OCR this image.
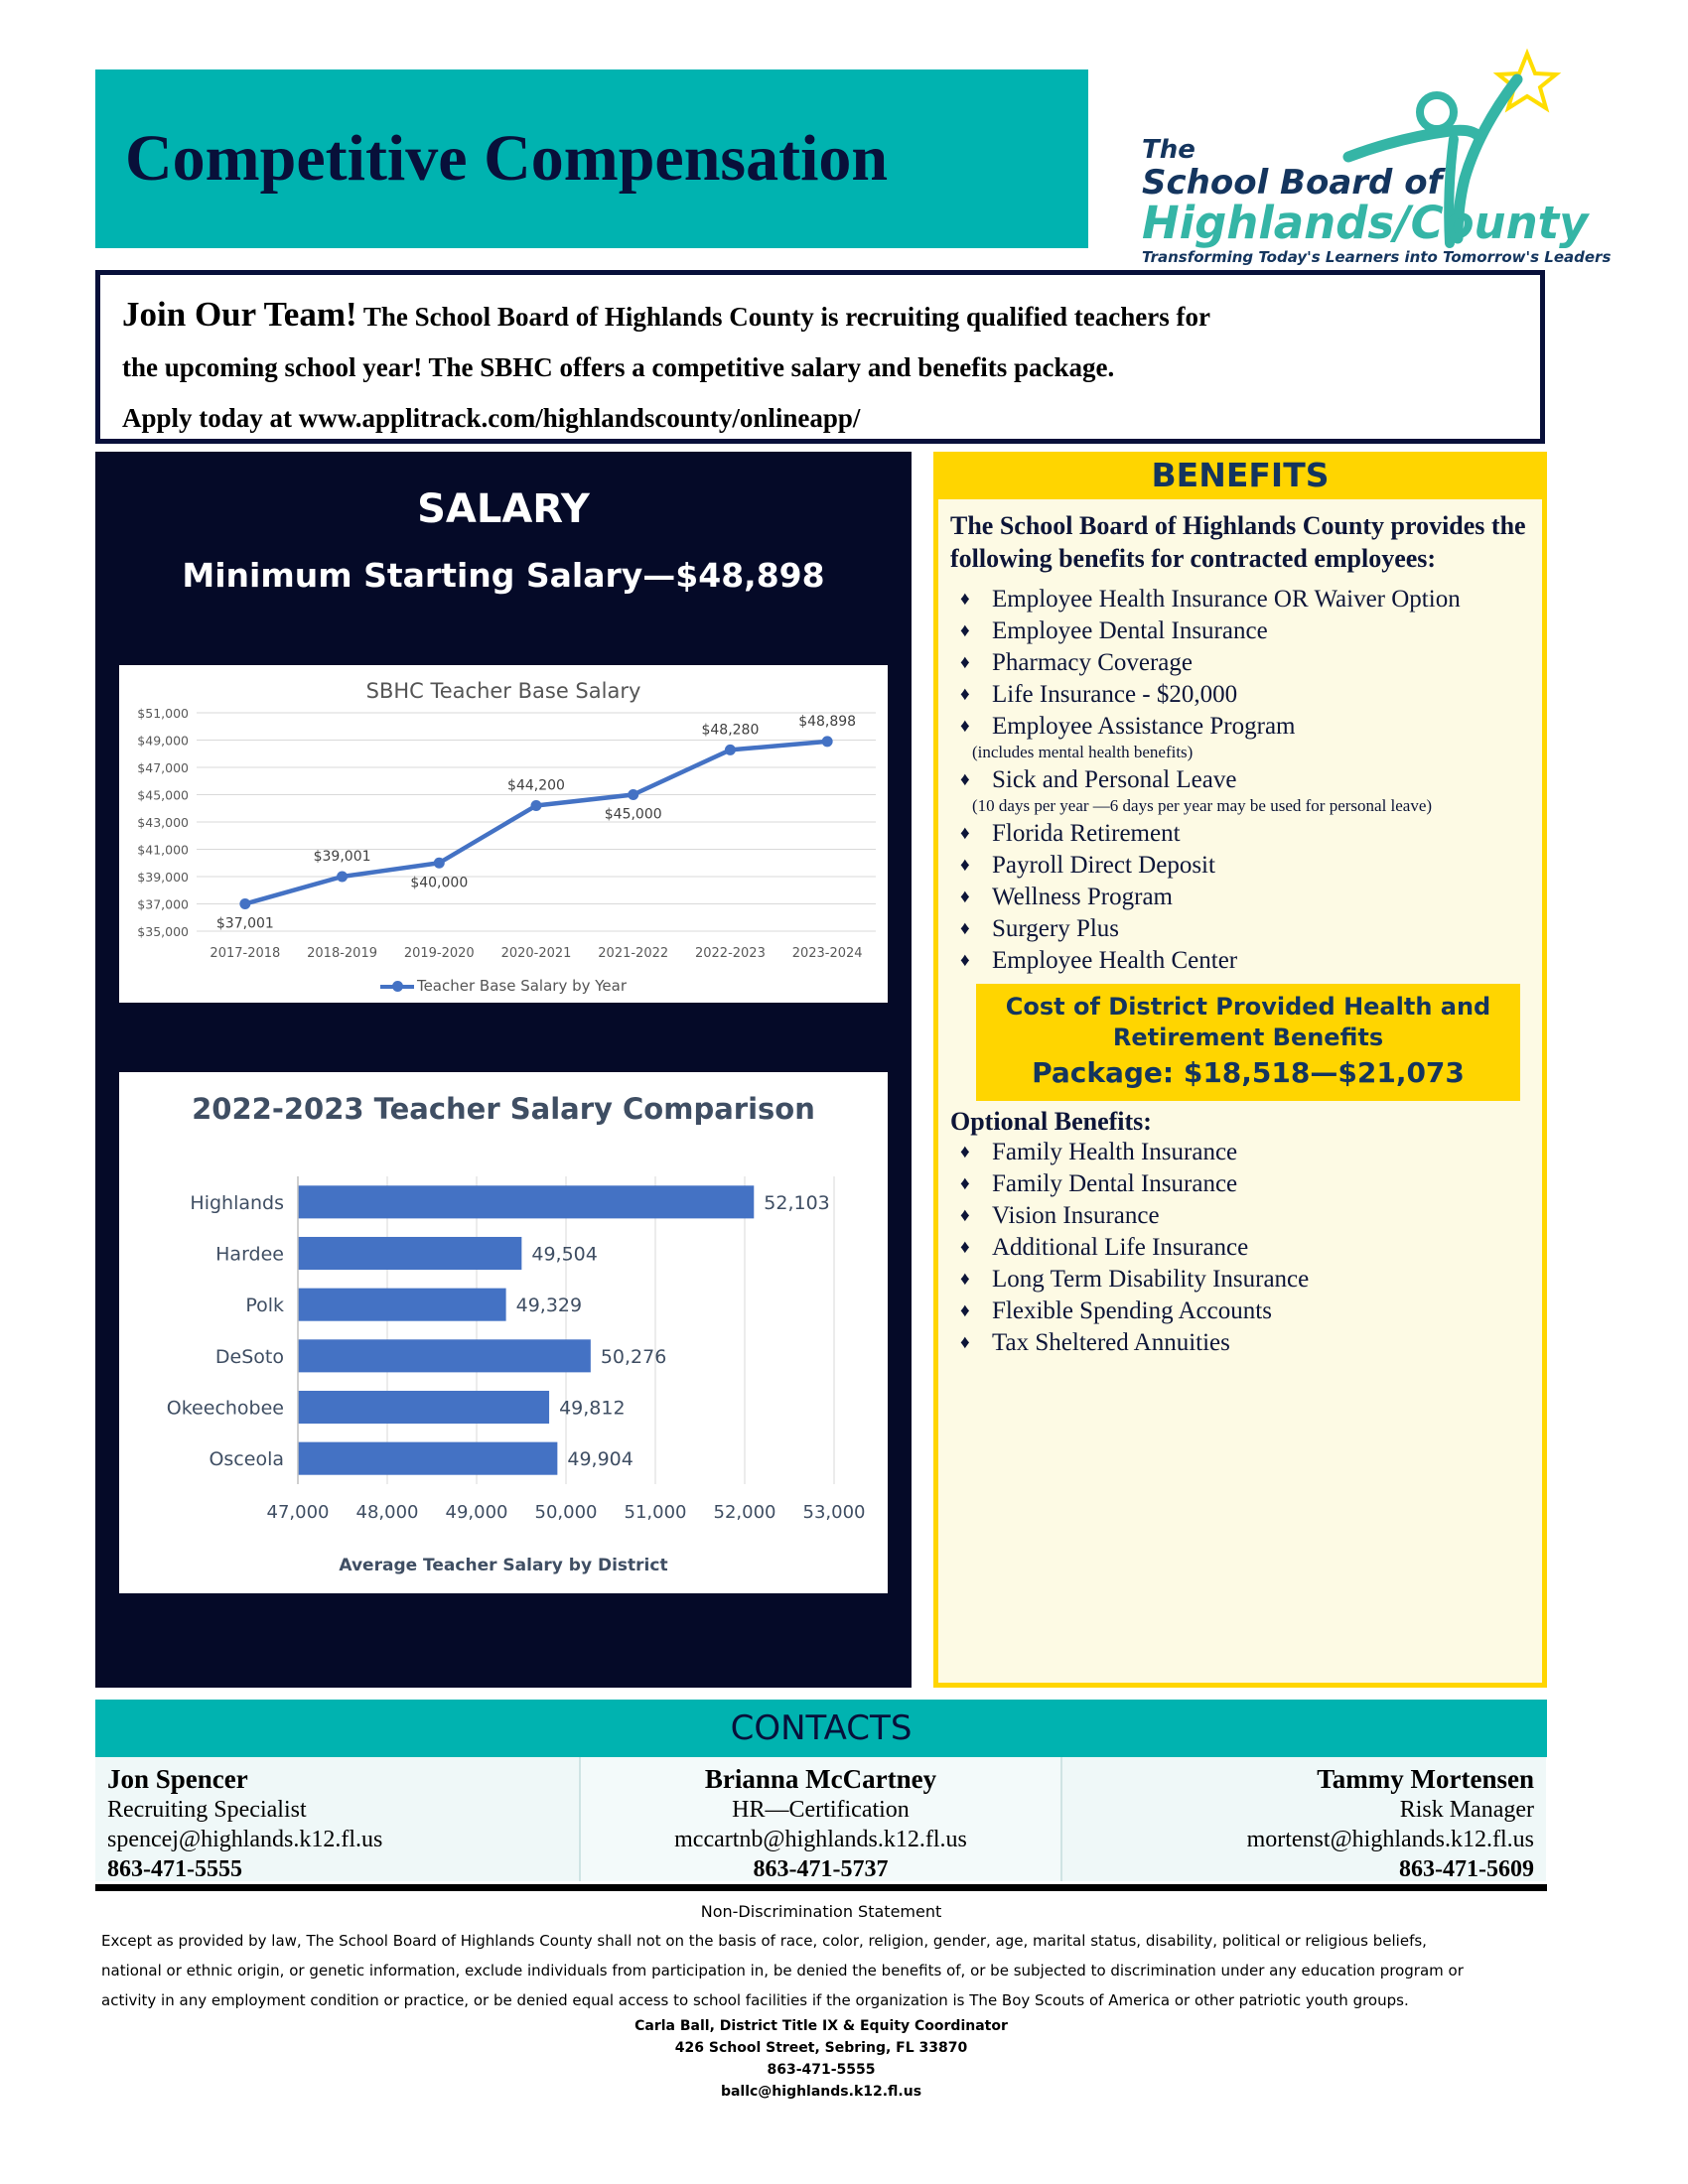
Competitive Compensation	The
School Board of
Highlands/County
Transforming Today's Learners into Tomorrow's Leaders
Join Our Team! The School Board of Highlands County is recruiting qualified teachers for
the upcoming school year! The SBHC offers a competitive salary and benefits package.
Apply today at www.applitrack.com/highlandscounty/onlineapp/
SALARY
Minimum Starting Salary—$48,898
SBHC Teacher Base Salary
$35,000
$37,000
$39,000
$41,000
$43,000
$45,000
$47,000
$49,000
$51,000
$37,001
$39,001
$40,000
$44,200
$45,000
$48,280
$48,898
2017-2018 2018-2019 2019-2020 2020-2021 2021-2022 2022-2023 2023-2024
Teacher Base Salary by Year
2022-2023 Teacher Salary Comparison
47,000 48,000 49,000 50,000 51,000 52,000 53,000
52,103
Highlands
49,504
Hardee
49,329
Polk
50,276
DeSoto
49,812
Okeechobee
49,904
Osceola
Average Teacher Salary by District
BENEFITS
The School Board of Highlands County provides the following benefits for contracted employees:
♦ Employee Health Insurance OR Waiver Option
♦ Employee Dental Insurance
♦ Pharmacy Coverage
♦ Life Insurance - $20,000
♦ Employee Assistance Program
(includes mental health benefits)
♦ Sick and Personal Leave
(10 days per year —6 days per year may be used for personal leave)
♦ Florida Retirement
♦ Payroll Direct Deposit
♦ Wellness Program
♦ Surgery Plus
♦ Employee Health Center
Cost of District Provided Health and Retirement Benefits
Package: $18,518—$21,073
Optional Benefits:
♦ Family Health Insurance
♦ Family Dental Insurance
♦ Vision Insurance
♦ Additional Life Insurance
♦ Long Term Disability Insurance
♦ Flexible Spending Accounts
♦ Tax Sheltered Annuities
CONTACTS
Jon Spencer
Recruiting Specialist
spencej@highlands.k12.fl.us
863-471-5555
Brianna McCartney
HR—Certification
mccartnb@highlands.k12.fl.us
863-471-5737
Tammy Mortensen
Risk Manager
mortenst@highlands.k12.fl.us
863-471-5609
Non-Discrimination Statement
Except as provided by law, The School Board of Highlands County shall not on the basis of race, color, religion, gender, age, marital status, disability, political or religious beliefs,
national or ethnic origin, or genetic information, exclude individuals from participation in, be denied the benefits of, or be subjected to discrimination under any education program or
activity in any employment condition or practice, or be denied equal access to school facilities if the organization is The Boy Scouts of America or other patriotic youth groups.
Carla Ball, District Title IX & Equity Coordinator
426 School Street, Sebring, FL 33870
863-471-5555
ballc@highlands.k12.fl.us
